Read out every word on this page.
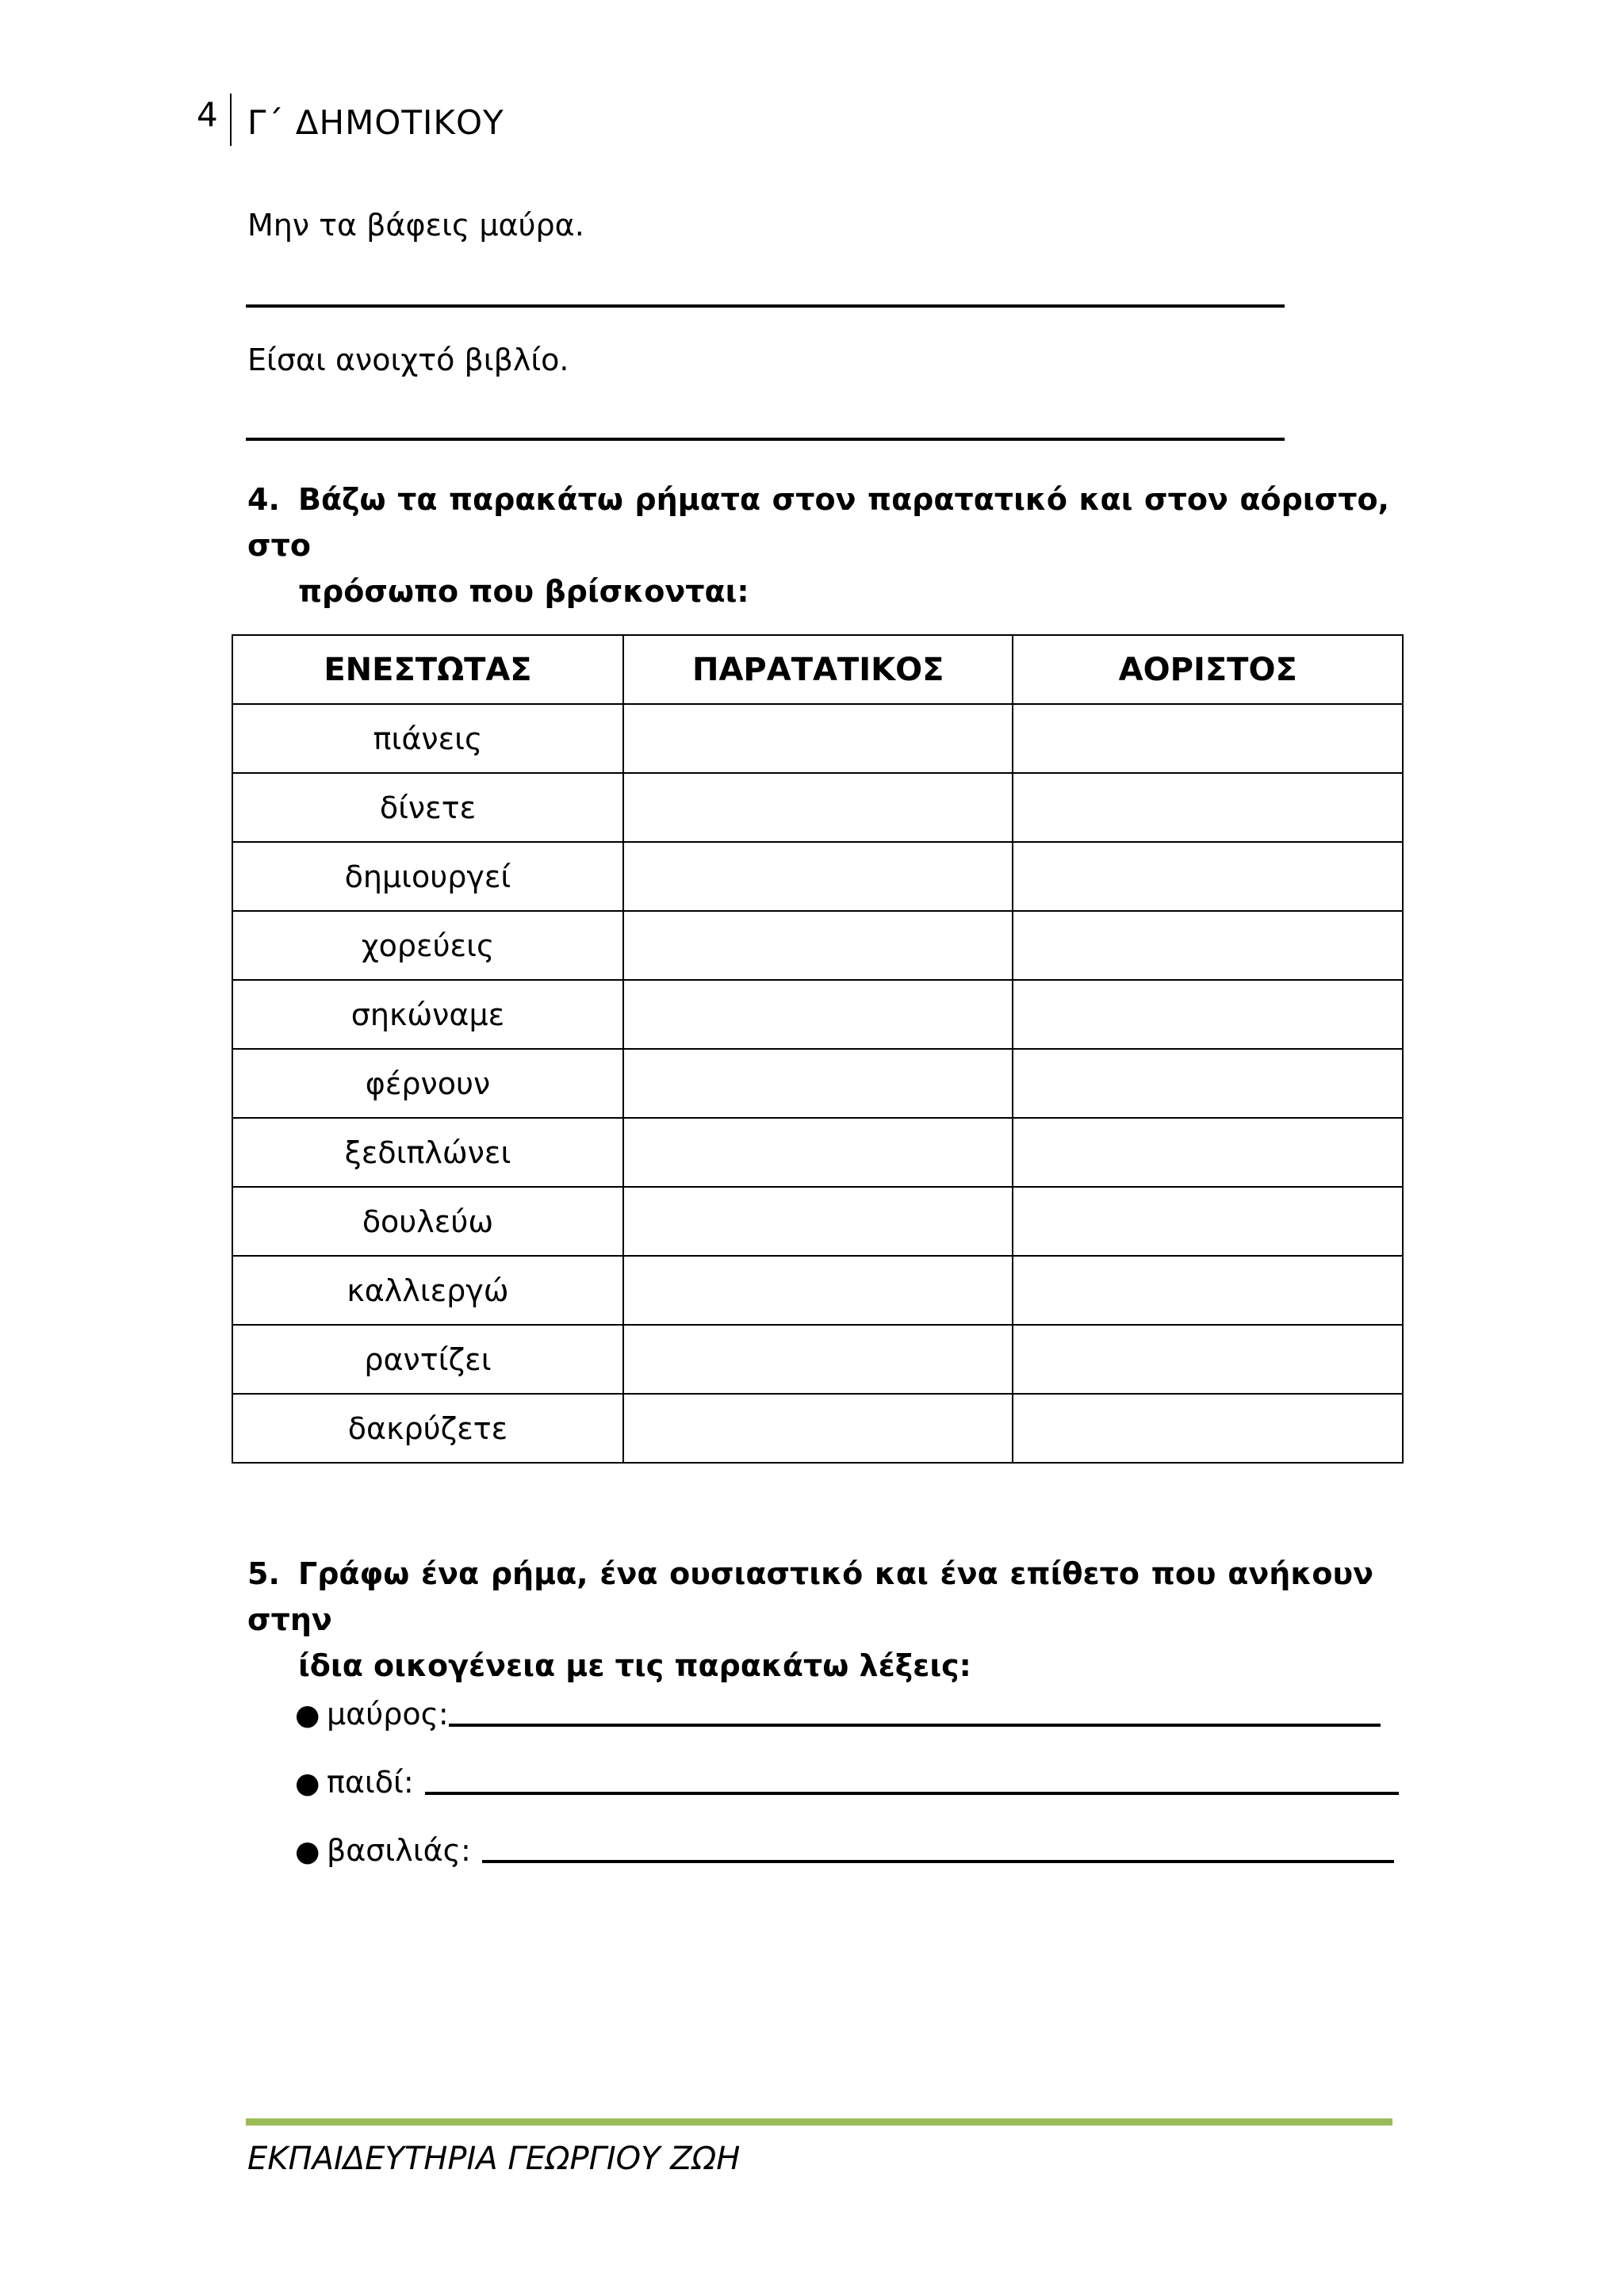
4 Γ΄ ΔΗΜΟΤΙΚΟΥ
Μην τα βάφεις μαύρα.
Είσαι ανοιχτό βιβλίο.
4. Βάζω τα παρακάτω ρήματα στον παρατατικό και στον αόριστο, στο
πρόσωπο που βρίσκονται:
ΕΝΕΣΤΩΤΑΣ	ΠΑΡΑΤΑΤΙΚΟΣ	ΑΟΡΙΣΤΟΣ
πιάνεις		
δίνετε		
δημιουργεί		
χορεύεις		
σηκώναμε		
φέρνουν		
ξεδιπλώνει		
δουλεύω		
καλλιεργώ		
ραντίζει		
δακρύζετε		
5. Γράφω ένα ρήμα, ένα ουσιαστικό και ένα επίθετο που ανήκουν στην
ίδια οικογένεια με τις παρακάτω λέξεις:
● μαύρος:
● παιδί:
● βασιλιάς:
ΕΚΠΑΙΔΕΥΤΗΡΙΑ ΓΕΩΡΓΙΟΥ ΖΩΗ
